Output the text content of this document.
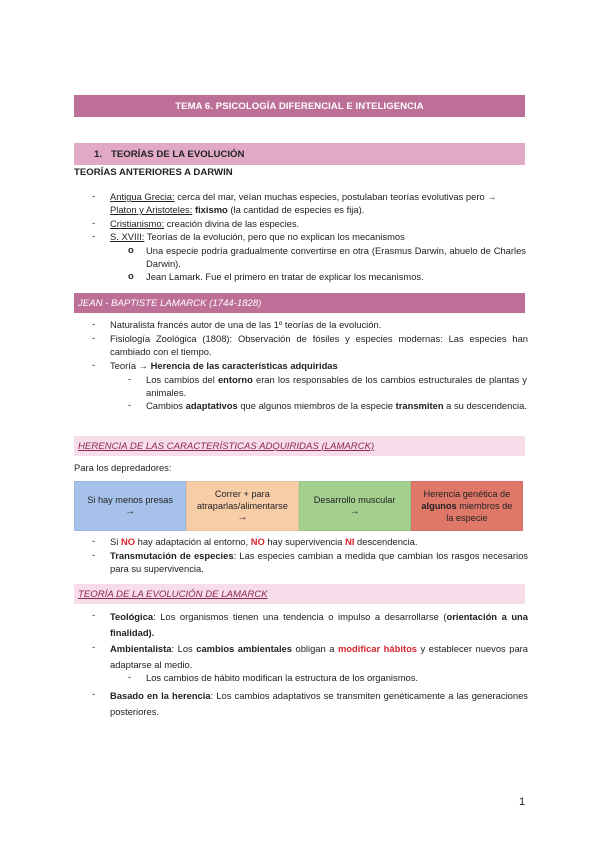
TEMA 6. PSICOLOGÍA DIFERENCIAL E INTELIGENCIA
1. TEORÍAS DE LA EVOLUCIÓN
TEORÍAS ANTERIORES A DARWIN
- Antigua Grecia: cerca del mar, veían muchas especies, postulaban teorías evolutivas pero →
Platon y Aristoteles: fixismo (la cantidad de especies es fija).
- Cristianismo: creación divina de las especies.
- S. XVIII: Teorías de la evolución, pero que no explican los mecanismos
o Una especie podría gradualmente convertirse en otra (Erasmus Darwin, abuelo de Charles Darwin).
o Jean Lamark. Fue el primero en tratar de explicar los mecanismos.
JEAN - BAPTISTE LAMARCK (1744-1828)
- Naturalista francés autor de una de las 1º teorías de la evolución.
- Fisiología Zoológica (1808): Observación de fósiles y especies modernas: Las especies han cambiado con el tiempo.
- Teoría → Herencia de las características adquiridas
- Los cambios del entorno eran los responsables de los cambios estructurales de plantas y animales.
- Cambios adaptativos que algunos miembros de la especie transmiten a su descendencia.
HERENCIA DE LAS CARACTERÍSTICAS ADQUIRIDAS (LAMARCK)
Para los depredadores:
Si hay menos presas
→
Correr + para
atraparlas/alimentarse
→
Desarrollo muscular
→
Herencia genética de
algunos miembros de
la especie
- Si NO hay adaptación al entorno, NO hay supervivencia NI descendencia.
- Transmutación de especies: Las especies cambian a medida que cambian los rasgos necesarios para su supervivencia.
TEORÍA DE LA EVOLUCIÓN DE LAMARCK
- Teológica: Los organismos tienen una tendencia o impulso a desarrollarse (orientación a una finalidad).
- Ambientalista: Los cambios ambientales obligan a modificar hábitos y establecer nuevos para adaptarse al medio.
- Los cambios de hábito modifican la estructura de los organismos.
- Basado en la herencia: Los cambios adaptativos se transmiten genéticamente a las generaciones posteriores.
1
